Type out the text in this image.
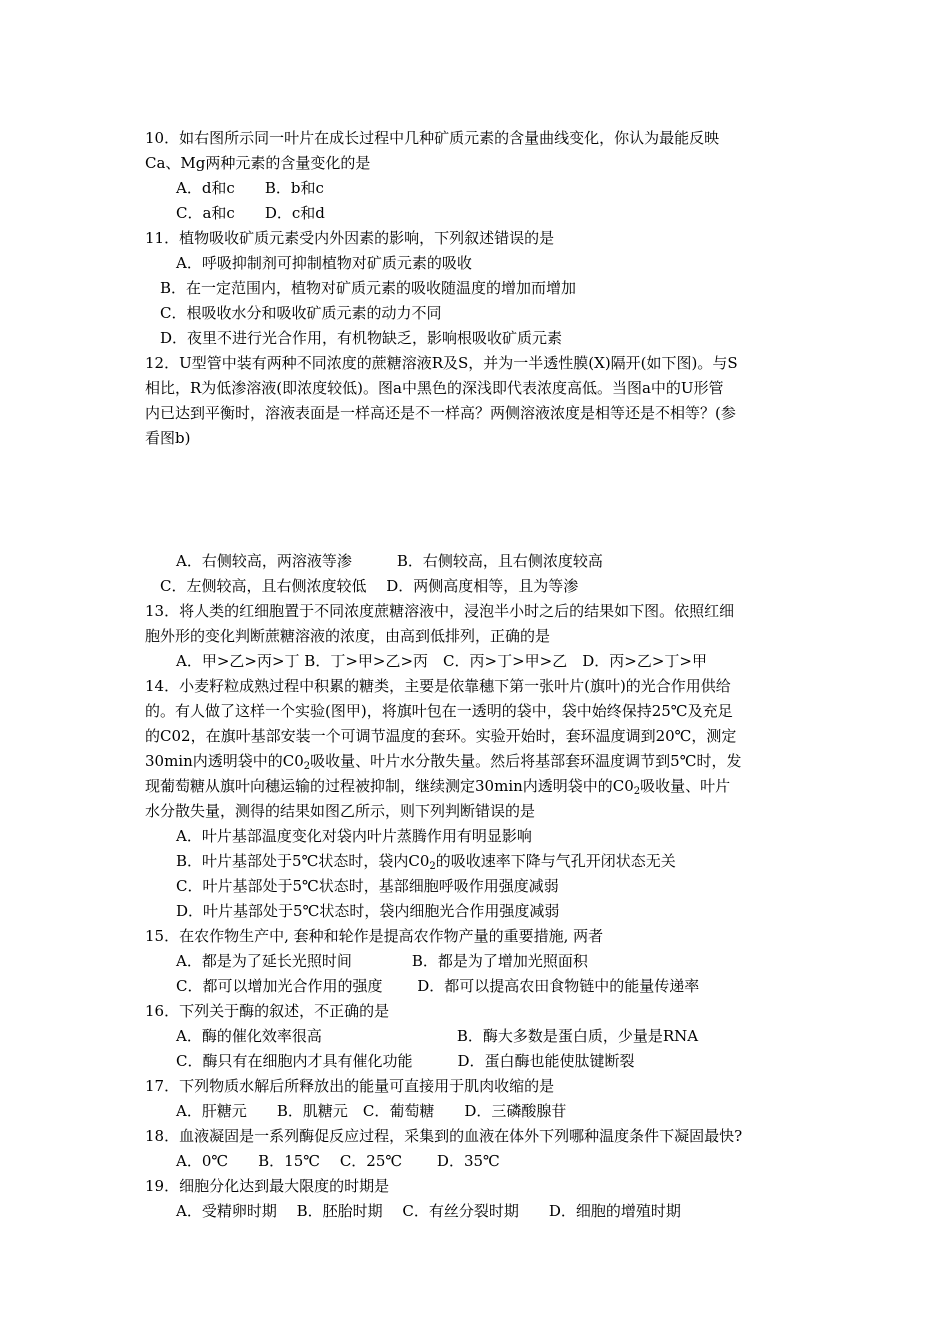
10．如右图所示同一叶片在成长过程中几种矿质元素的含量曲线变化，你认为最能反映
Ca、Mg两种元素的含量变化的是
A．d和c　　B．b和c
C．a和c　　D．c和d
11．植物吸收矿质元素受内外因素的影响，下列叙述错误的是
A．呼吸抑制剂可抑制植物对矿质元素的吸收
B．在一定范围内，植物对矿质元素的吸收随温度的增加而增加
C．根吸收水分和吸收矿质元素的动力不同
D．夜里不进行光合作用，有机物缺乏，影响根吸收矿质元素
12．U型管中装有两种不同浓度的蔗糖溶液R及S，并为一半透性膜(X)隔开(如下图)。与S
相比，R为低渗溶液(即浓度较低)。图a中黑色的深浅即代表浓度高低。当图a中的U形管
内已达到平衡时，溶液表面是一样高还是不一样高？两侧溶液浓度是相等还是不相等？(参
看图b)
A．右侧较高，两溶液等渗　　　B．右侧较高，且右侧浓度较高
C．左侧较高，且右侧浓度较低　 D．两侧高度相等，且为等渗
13．将人类的红细胞置于不同浓度蔗糖溶液中，浸泡半小时之后的结果如下图。依照红细
胞外形的变化判断蔗糖溶液的浓度，由高到低排列，正确的是
A．甲>乙>丙>丁 B．丁>甲>乙>丙　C．丙>丁>甲>乙　D．丙>乙>丁>甲
14．小麦籽粒成熟过程中积累的糖类，主要是依靠穗下第一张叶片(旗叶)的光合作用供给
的。有人做了这样一个实验(图甲)，将旗叶包在一透明的袋中，袋中始终保持25℃及充足
的C02，在旗叶基部安装一个可调节温度的套环。实验开始时，套环温度调到20℃，测定
30min内透明袋中的$C0_2$吸收量、叶片水分散失量。然后将基部套环温度调节到5℃时，发
现葡萄糖从旗叶向穗运输的过程被抑制，继续测定30min内透明袋中的$C0_2$吸收量、叶片
水分散失量，测得的结果如图乙所示，则下列判断错误的是
A．叶片基部温度变化对袋内叶片蒸腾作用有明显影响
B．叶片基部处于5℃状态时，袋内$C0_2$的吸收速率下降与气孔开闭状态无关
C．叶片基部处于5℃状态时，基部细胞呼吸作用强度减弱
D．叶片基部处于5℃状态时，袋内细胞光合作用强度减弱
15．在农作物生产中, 套种和轮作是提高农作物产量的重要措施, 两者
A．都是为了延长光照时间　　　　B．都是为了增加光照面积
C．都可以增加光合作用的强度　　 D．都可以提高农田食物链中的能量传递率
16．下列关于酶的叙述，不正确的是
A．酶的催化效率很高　　　　　　　　　B．酶大多数是蛋白质，少量是RNA
C．酶只有在细胞内才具有催化功能　　　D．蛋白酶也能使肽键断裂
17．下列物质水解后所释放出的能量可直接用于肌肉收缩的是
A．肝糖元　　B．肌糖元　C．葡萄糖　　D．三磷酸腺苷
18．血液凝固是一系列酶促反应过程，采集到的血液在体外下列哪种温度条件下凝固最快?
A．0℃　　B．15℃　 C．25℃　　 D．35℃
19．细胞分化达到最大限度的时期是
A．受精卵时期　 B．胚胎时期　 C．有丝分裂时期　　D．细胞的增殖时期
